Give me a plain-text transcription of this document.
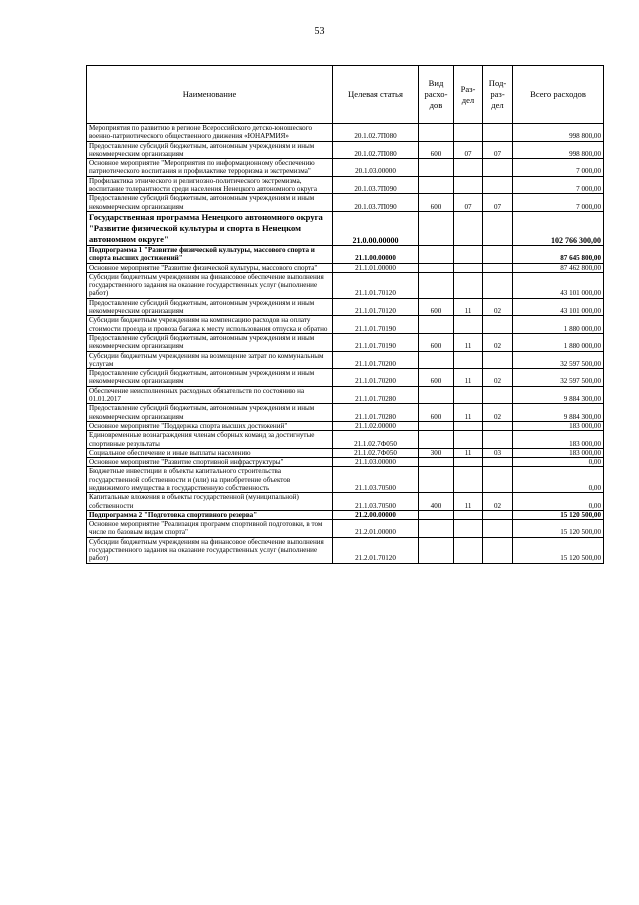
53
Наименование	Целевая статья	Вид расхо-дов	Раз-дел	Под-раз-дел	Всего расходов
Мероприятия по развитию в регионе Всероссийского детско-юношеского военно-патриотического общественного движения «ЮНАРМИЯ»	20.1.02.7П080				998 800,00
Предоставление субсидий бюджетным, автономным учреждениям и иным некоммерческим организациям	20.1.02.7П080	600	07	07	998 800,00
Основное мероприятие "Мероприятия по информационному обеспечению патриотического воспитания и профилактике терроризма и экстремизма"	20.1.03.00000				7 000,00
Профилактика этнического и религиозно-политического экстремизма, воспитание толерантности среди населения Ненецкого автономного округа	20.1.03.7П090				7 000,00
Предоставление субсидий бюджетным, автономным учреждениям и иным некоммерческим организациям	20.1.03.7П090	600	07	07	7 000,00
Государственная программа Ненецкого автономного округа "Развитие физической культуры и спорта в Ненецком автономном округе"	21.0.00.00000				102 766 300,00
Подпрограмма 1 "Развитие физической культуры, массового спорта и спорта высших достижений"	21.1.00.00000				87 645 800,00
Основное мероприятие "Развитие физической культуры, массового спорта"	21.1.01.00000				87 462 800,00
Субсидии бюджетным учреждениям на финансовое обеспечение выполнения государственного задания на оказание государственных услуг (выполнение работ)	21.1.01.70120				43 101 000,00
Предоставление субсидий бюджетным, автономным учреждениям и иным некоммерческим организациям	21.1.01.70120	600	11	02	43 101 000,00
Субсидии бюджетным учреждениям на компенсацию расходов на оплату стоимости проезда и провоза багажа к месту использования отпуска и обратно	21.1.01.70190				1 880 000,00
Предоставление субсидий бюджетным, автономным учреждениям и иным некоммерческим организациям	21.1.01.70190	600	11	02	1 880 000,00
Субсидии бюджетным учреждениям на возмещение затрат по коммунальным услугам	21.1.01.70200				32 597 500,00
Предоставление субсидий бюджетным, автономным учреждениям и иным некоммерческим организациям	21.1.01.70200	600	11	02	32 597 500,00
Обеспечение неисполненных расходных обязательств по состоянию на 01.01.2017	21.1.01.70280				9 884 300,00
Предоставление субсидий бюджетным, автономным учреждениям и иным некоммерческим организациям	21.1.01.70280	600	11	02	9 884 300,00
Основное мероприятие "Поддержка спорта высших достижений"	21.1.02.00000				183 000,00
Единовременные вознаграждения членам сборных команд за достигнутые спортивные результаты	21.1.02.7Ф050				183 000,00
Социальное обеспечение и иные выплаты населению	21.1.02.7Ф050	300	11	03	183 000,00
Основное мероприятие "Развитие спортивной инфраструктуры"	21.1.03.00000				0,00
Бюджетные инвестиции в объекты капитального строительства государственной собственности и (или) на приобретение объектов недвижимого имущества в государственную собственность	21.1.03.70500				0,00
Капитальные вложения в объекты государственной (муниципальной) собственности	21.1.03.70500	400	11	02	0,00
Подпрограмма 2 "Подготовка спортивного резерва"	21.2.00.00000				15 120 500,00
Основное мероприятие "Реализация программ спортивной подготовки, в том числе по базовым видам спорта"	21.2.01.00000				15 120 500,00
Субсидии бюджетным учреждениям на финансовое обеспечение выполнения государственного задания на оказание государственных услуг (выполнение работ)	21.2.01.70120				15 120 500,00
